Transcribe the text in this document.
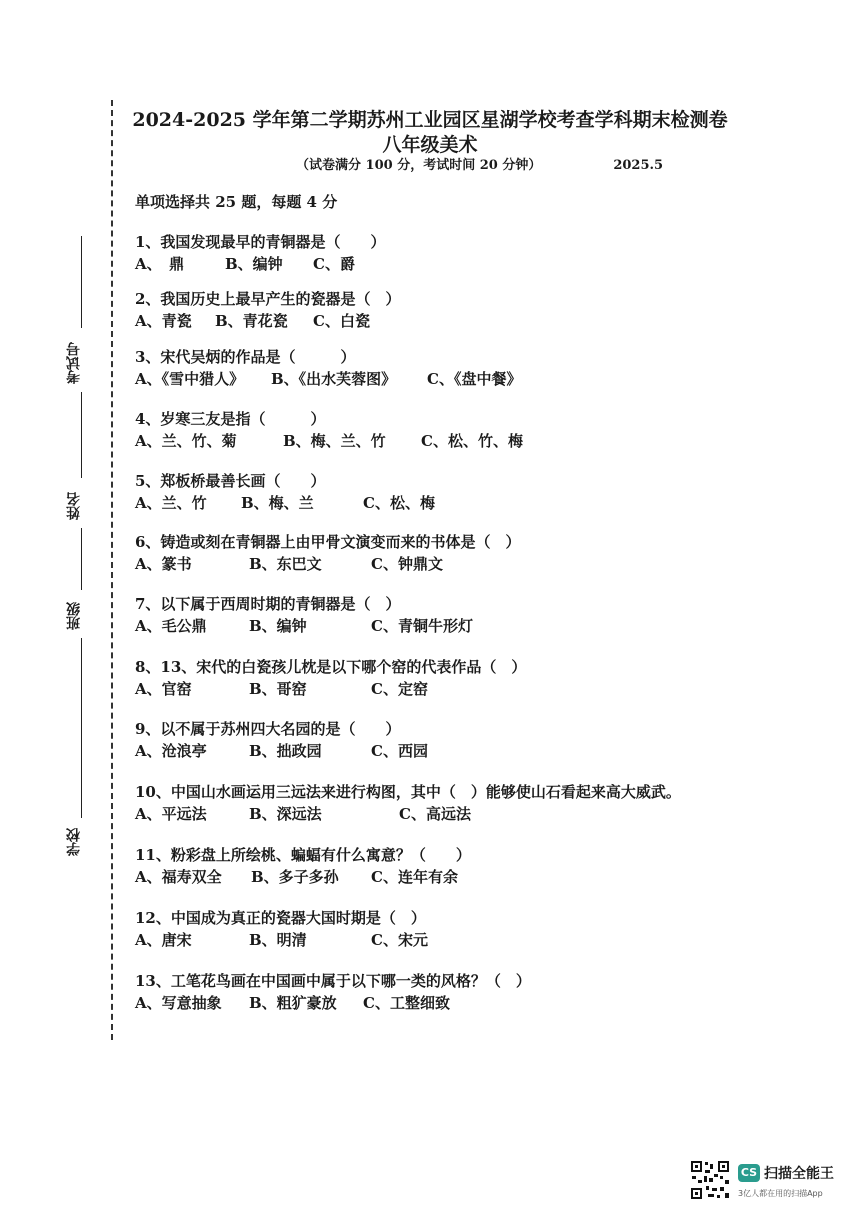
2024-2025 学年第二学期苏州工业园区星湖学校考查学科期末检测卷
八年级美术
（试卷满分 100 分，考试时间 20 分钟）	2025.5
单项选择共 25 题，每题 4 分
考试号
姓名
班级
学校
1、我国发现最早的青铜器是（　　）
A、　鼎	B、编钟	C、爵
2、我国历史上最早产生的瓷器是（　）
A、青瓷	B、青花瓷	C、白瓷
3、宋代吴炳的作品是（　　　）
A、《雪中猎人》	B、《出水芙蓉图》	C、《盘中餐》
4、岁寒三友是指（　　　）
A、兰、竹、菊	B、梅、兰、竹	C、松、竹、梅
5、郑板桥最善长画（　　）
A、兰、竹	B、梅、兰	C、松、梅
6、铸造或刻在青铜器上由甲骨文演变而来的书体是（　）
A、篆书	B、东巴文	C、钟鼎文
7、以下属于西周时期的青铜器是（　）
A、毛公鼎	B、编钟	C、青铜牛形灯
8、13、宋代的白瓷孩儿枕是以下哪个窑的代表作品（　）
A、官窑	B、哥窑	C、定窑
9、以不属于苏州四大名园的是（　　）
A、沧浪亭	B、拙政园	C、西园
10、中国山水画运用三远法来进行构图，其中（　）能够使山石看起来高大威武。
A、平远法	B、深远法	C、高远法
11、粉彩盘上所绘桃、蝙蝠有什么寓意？（　　）
A、福寿双全	B、多子多孙	C、连年有余
12、中国成为真正的瓷器大国时期是（　）
A、唐宋	B、明清	C、宋元
13、工笔花鸟画在中国画中属于以下哪一类的风格？（　）
A、写意抽象	B、粗犷豪放	C、工整细致
CS 扫描全能王
3亿人都在用的扫描App
